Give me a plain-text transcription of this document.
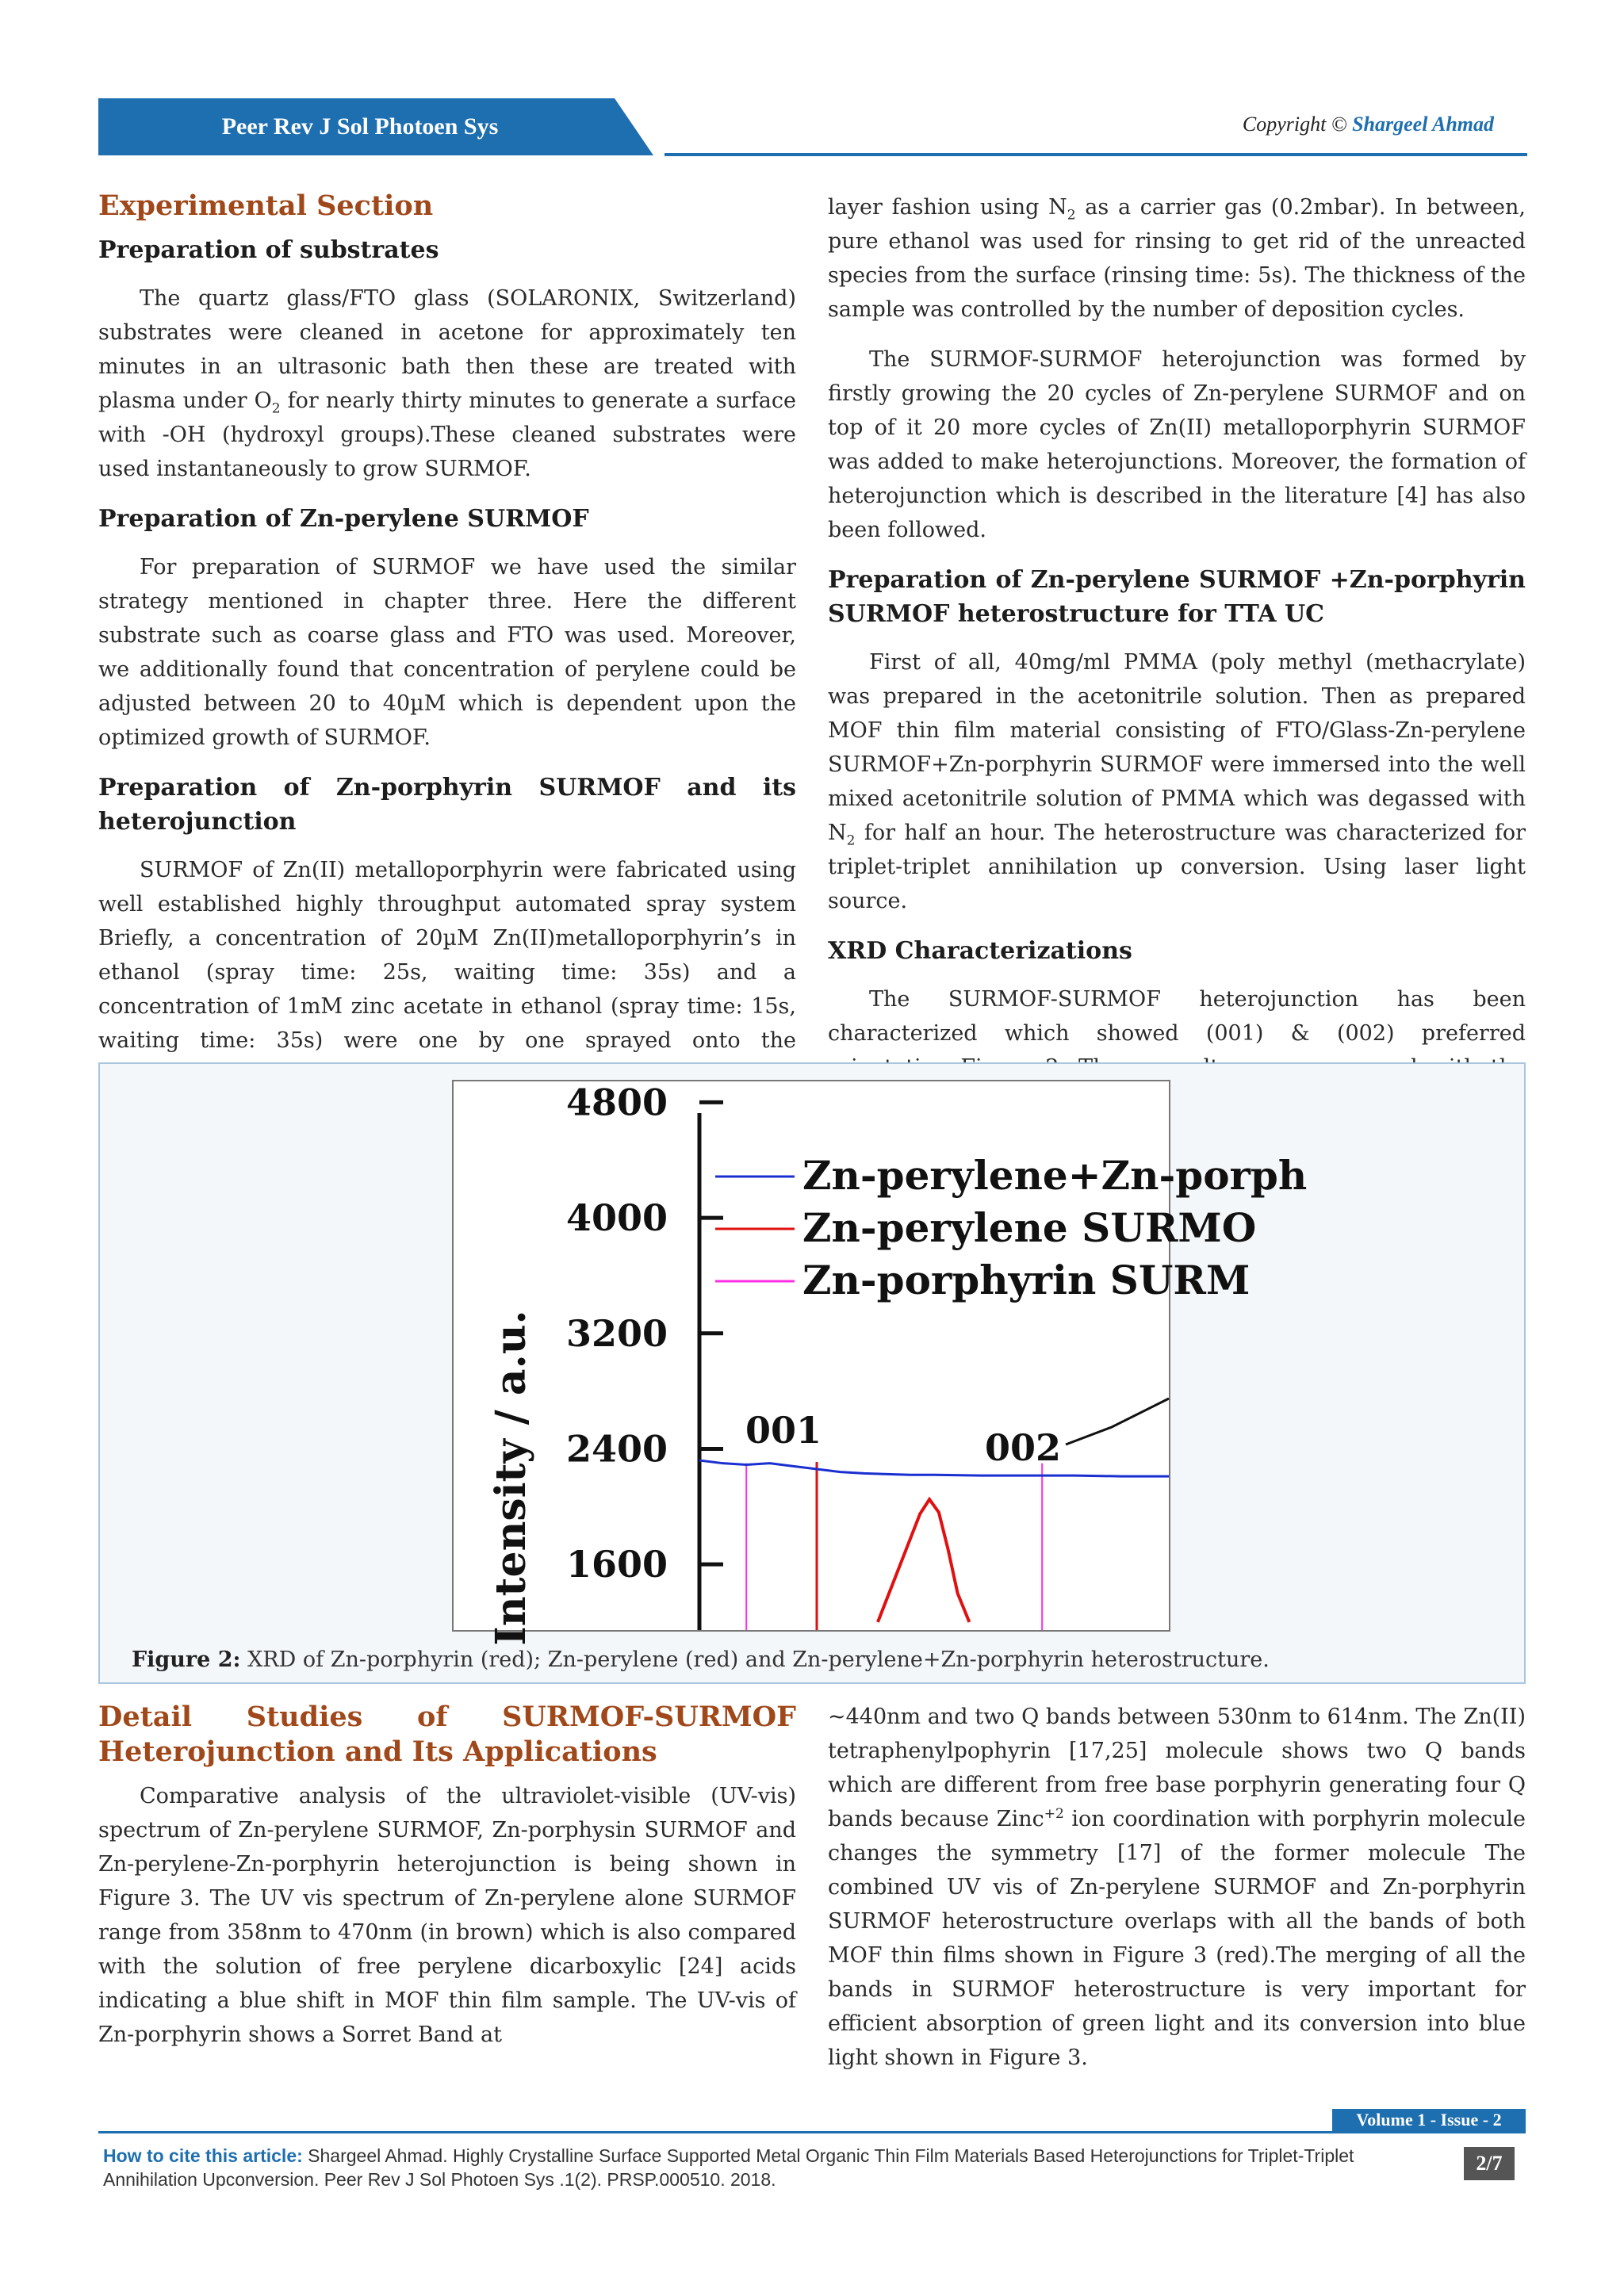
Peer Rev J Sol Photoen Sys	Copyright © Shargeel Ahmad
Experimental Section
Preparation of substrates

The quartz glass/FTO glass (SOLARONIX, Switzerland) substrates were cleaned in acetone for approximately ten minutes in an ultrasonic bath then these are treated with plasma under $O_2$ for nearly thirty minutes to generate a surface with -OH (hydroxyl groups).These cleaned substrates were used instantaneously to grow SURMOF.

Preparation of Zn-perylene SURMOF

For preparation of SURMOF we have used the similar strategy mentioned in chapter three. Here the different substrate such as coarse glass and FTO was used. Moreover, we additionally found that concentration of perylene could be adjusted between 20 to 40µM which is dependent upon the optimized growth of SURMOF.

Preparation of Zn-porphyrin SURMOF and its heterojunction

SURMOF of Zn(II) metalloporphyrin were fabricated using well established highly throughput automated spray system Briefly, a concentration of 20µM Zn(II)metalloporphyrin’s in ethanol (spray time: 25s, waiting time: 35s) and a concentration of 1mM zinc acetate in ethanol (spray time: 15s, waiting time: 35s) were one by one sprayed onto the

layer fashion using $N_2$ as a carrier gas (0.2mbar). In between, pure ethanol was used for rinsing to get rid of the unreacted species from the surface (rinsing time: 5s). The thickness of the sample was controlled by the number of deposition cycles.

The SURMOF-SURMOF heterojunction was formed by firstly growing the 20 cycles of Zn-perylene SURMOF and on top of it 20 more cycles of Zn(II) metalloporphyrin SURMOF was added to make heterojunctions. Moreover, the formation of heterojunction which is described in the literature [4] has also been followed.

Preparation of Zn-perylene SURMOF +Zn-porphyrin SURMOF heterostructure for TTA UC

First of all, 40mg/ml PMMA (poly methyl (methacrylate) was prepared in the acetonitrile solution. Then as prepared MOF thin film material consisting of FTO/Glass-Zn-perylene SURMOF+Zn-porphyrin SURMOF were immersed into the well mixed acetonitrile solution of PMMA which was degassed with $N_2$ for half an hour. The heterostructure was characterized for triplet-triplet annihilation up conversion. Using laser light source.

XRD Characterizations

The SURMOF-SURMOF heterojunction has been characterized which showed (001) & (002) preferred

4800
4000
3200
2400
1600
Intensity / a.u.
Zn-perylene+Zn-porph
Zn-perylene SURMO
Zn-porphyrin SURM
001	002
Figure 2: XRD of Zn-porphyrin (red); Zn-perylene (red) and Zn-perylene+Zn-porphyrin heterostructure.
Detail Studies of SURMOF-SURMOF Heterojunction and Its Applications

Comparative analysis of the ultraviolet-visible (UV-vis) spectrum of Zn-perylene SURMOF, Zn-porphysin SURMOF and Zn-perylene-Zn-porphyrin heterojunction is being shown in Figure 3. The UV vis spectrum of Zn-perylene alone SURMOF range from 358nm to 470nm (in brown) which is also compared with the solution of free perylene dicarboxylic [24] acids indicating a blue shift in MOF thin film sample. The UV-vis of Zn-porphyrin shows a Sorret Band at

~440nm and two Q bands between 530nm to 614nm. The Zn(II) tetraphenylpophyrin [17,25] molecule shows two Q bands which are different from free base porphyrin generating four Q bands because Zinc$^{+2}$ ion coordination with porphyrin molecule changes the symmetry [17] of the former molecule The combined UV vis of Zn-perylene SURMOF and Zn-porphyrin SURMOF heterostructure overlaps with all the bands of both MOF thin films shown in Figure 3 (red).The merging of all the bands in SURMOF heterostructure is very important for efficient absorption of green light and its conversion into blue light shown in Figure 3.

Volume 1 - Issue - 2
How to cite this article: Shargeel Ahmad. Highly Crystalline Surface Supported Metal Organic Thin Film Materials Based Heterojunctions for Triplet-Triplet Annihilation Upconversion. Peer Rev J Sol Photoen Sys .1(2). PRSP.000510. 2018.
2/7
